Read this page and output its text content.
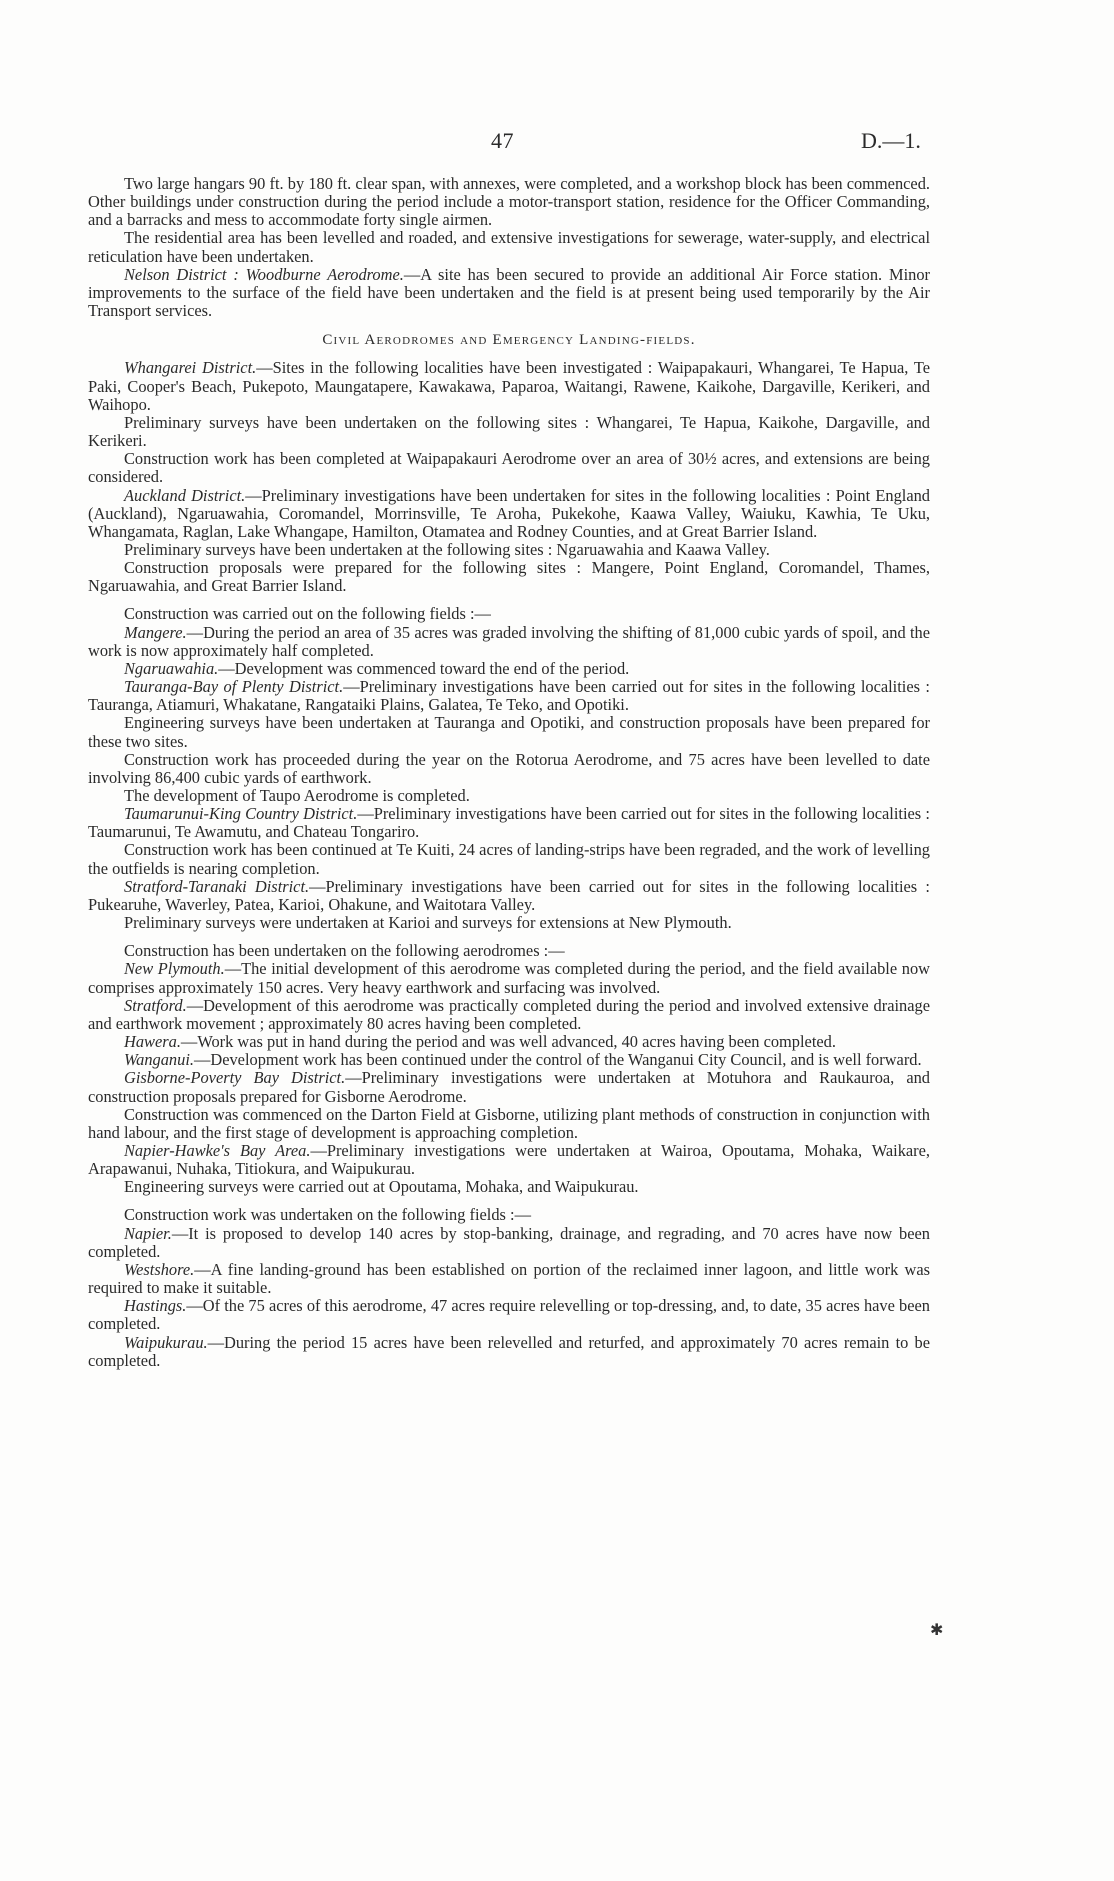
47	D.—1.

Two large hangars 90 ft. by 180 ft. clear span, with annexes, were completed, and a workshop block has been commenced. Other buildings under construction during the period include a motor-transport station, residence for the Officer Commanding, and a barracks and mess to accommodate forty single airmen.

The residential area has been levelled and roaded, and extensive investigations for sewerage, water-supply, and electrical reticulation have been undertaken.

Nelson District : Woodburne Aerodrome.—A site has been secured to provide an additional Air Force station. Minor improvements to the surface of the field have been undertaken and the field is at present being used temporarily by the Air Transport services.

Civil Aerodromes and Emergency Landing-fields.

Whangarei District.—Sites in the following localities have been investigated : Waipapakauri, Whangarei, Te Hapua, Te Paki, Cooper's Beach, Pukepoto, Maungatapere, Kawakawa, Paparoa, Waitangi, Rawene, Kaikohe, Dargaville, Kerikeri, and Waihopo.

Preliminary surveys have been undertaken on the following sites : Whangarei, Te Hapua, Kaikohe, Dargaville, and Kerikeri.

Construction work has been completed at Waipapakauri Aerodrome over an area of 30½ acres, and extensions are being considered.

Auckland District.—Preliminary investigations have been undertaken for sites in the following localities : Point England (Auckland), Ngaruawahia, Coromandel, Morrinsville, Te Aroha, Pukekohe, Kaawa Valley, Waiuku, Kawhia, Te Uku, Whangamata, Raglan, Lake Whangape, Hamilton, Otamatea and Rodney Counties, and at Great Barrier Island.

Preliminary surveys have been undertaken at the following sites : Ngaruawahia and Kaawa Valley.

Construction proposals were prepared for the following sites : Mangere, Point England, Coromandel, Thames, Ngaruawahia, and Great Barrier Island.

Construction was carried out on the following fields :—

Mangere.—During the period an area of 35 acres was graded involving the shifting of 81,000 cubic yards of spoil, and the work is now approximately half completed.

Ngaruawahia.—Development was commenced toward the end of the period.

Tauranga-Bay of Plenty District.—Preliminary investigations have been carried out for sites in the following localities : Tauranga, Atiamuri, Whakatane, Rangataiki Plains, Galatea, Te Teko, and Opotiki.

Engineering surveys have been undertaken at Tauranga and Opotiki, and construction proposals have been prepared for these two sites.

Construction work has proceeded during the year on the Rotorua Aerodrome, and 75 acres have been levelled to date involving 86,400 cubic yards of earthwork.

The development of Taupo Aerodrome is completed.

Taumarunui-King Country District.—Preliminary investigations have been carried out for sites in the following localities : Taumarunui, Te Awamutu, and Chateau Tongariro.

Construction work has been continued at Te Kuiti, 24 acres of landing-strips have been regraded, and the work of levelling the outfields is nearing completion.

Stratford-Taranaki District.—Preliminary investigations have been carried out for sites in the following localities : Pukearuhe, Waverley, Patea, Karioi, Ohakune, and Waitotara Valley.

Preliminary surveys were undertaken at Karioi and surveys for extensions at New Plymouth.

Construction has been undertaken on the following aerodromes :—

New Plymouth.—The initial development of this aerodrome was completed during the period, and the field available now comprises approximately 150 acres. Very heavy earthwork and surfacing was involved.

Stratford.—Development of this aerodrome was practically completed during the period and involved extensive drainage and earthwork movement ; approximately 80 acres having been completed.

Hawera.—Work was put in hand during the period and was well advanced, 40 acres having been completed.

Wanganui.—Development work has been continued under the control of the Wanganui City Council, and is well forward.

Gisborne-Poverty Bay District.—Preliminary investigations were undertaken at Motuhora and Raukauroa, and construction proposals prepared for Gisborne Aerodrome.

Construction was commenced on the Darton Field at Gisborne, utilizing plant methods of construction in conjunction with hand labour, and the first stage of development is approaching completion.

Napier-Hawke's Bay Area.—Preliminary investigations were undertaken at Wairoa, Opoutama, Mohaka, Waikare, Arapawanui, Nuhaka, Titiokura, and Waipukurau.

Engineering surveys were carried out at Opoutama, Mohaka, and Waipukurau.

Construction work was undertaken on the following fields :—

Napier.—It is proposed to develop 140 acres by stop-banking, drainage, and regrading, and 70 acres have now been completed.

Westshore.—A fine landing-ground has been established on portion of the reclaimed inner lagoon, and little work was required to make it suitable.

Hastings.—Of the 75 acres of this aerodrome, 47 acres require relevelling or top-dressing, and, to date, 35 acres have been completed.

Waipukurau.—During the period 15 acres have been relevelled and returfed, and approximately 70 acres remain to be completed.

✱
